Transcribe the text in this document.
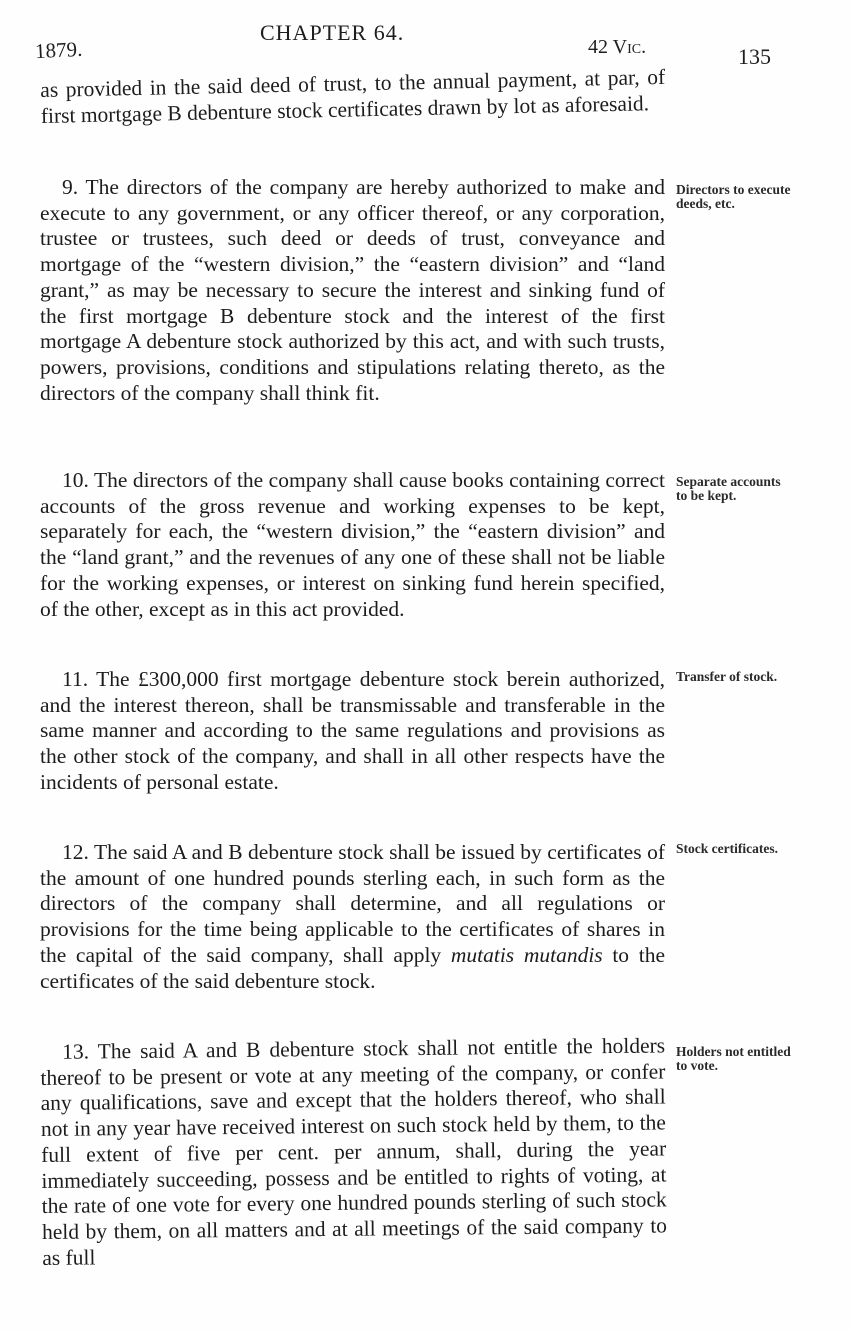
1879.
CHAPTER 64.
42 Vic.	135

as provided in the said deed of trust, to the annual payment, at par, of first mortgage B debenture stock certificates drawn by lot as aforesaid.

9. The directors of the company are hereby authorized to make and execute to any government, or any officer thereof, or any corporation, trustee or trustees, such deed or deeds of trust, conveyance and mortgage of the “western division,” the “eastern division” and “land grant,” as may be necessary to secure the interest and sinking fund of the first mortgage B debenture stock and the interest of the first mortgage A debenture stock authorized by this act, and with such trusts, powers, provisions, conditions and stipulations relating thereto, as the directors of the company shall think fit.

Directors to execute deeds, etc.

10. The directors of the company shall cause books containing correct accounts of the gross revenue and working expenses to be kept, separately for each, the “western division,” the “eastern division” and the “land grant,” and the revenues of any one of these shall not be liable for the working expenses, or interest on sinking fund herein specified, of the other, except as in this act provided.

Separate accounts to be kept.

11. The £300,000 first mortgage debenture stock berein authorized, and the interest thereon, shall be transmissable and transferable in the same manner and according to the same regulations and provisions as the other stock of the company, and shall in all other respects have the incidents of personal estate.

Transfer of stock.

12. The said A and B debenture stock shall be issued by certificates of the amount of one hundred pounds sterling each, in such form as the directors of the company shall determine, and all regulations or provisions for the time being applicable to the certificates of shares in the capital of the said company, shall apply mutatis mutandis to the certificates of the said debenture stock.

Stock certificates.

13. The said A and B debenture stock shall not entitle the holders thereof to be present or vote at any meeting of the company, or confer any qualifications, save and except that the holders thereof, who shall not in any year have received interest on such stock held by them, to the full extent of five per cent. per annum, shall, during the year immediately succeeding, possess and be entitled to rights of voting, at the rate of one vote for every one hundred pounds sterling of such stock held by them, on all matters and at all meetings of the said company to as full

Holders not entitled to vote.
